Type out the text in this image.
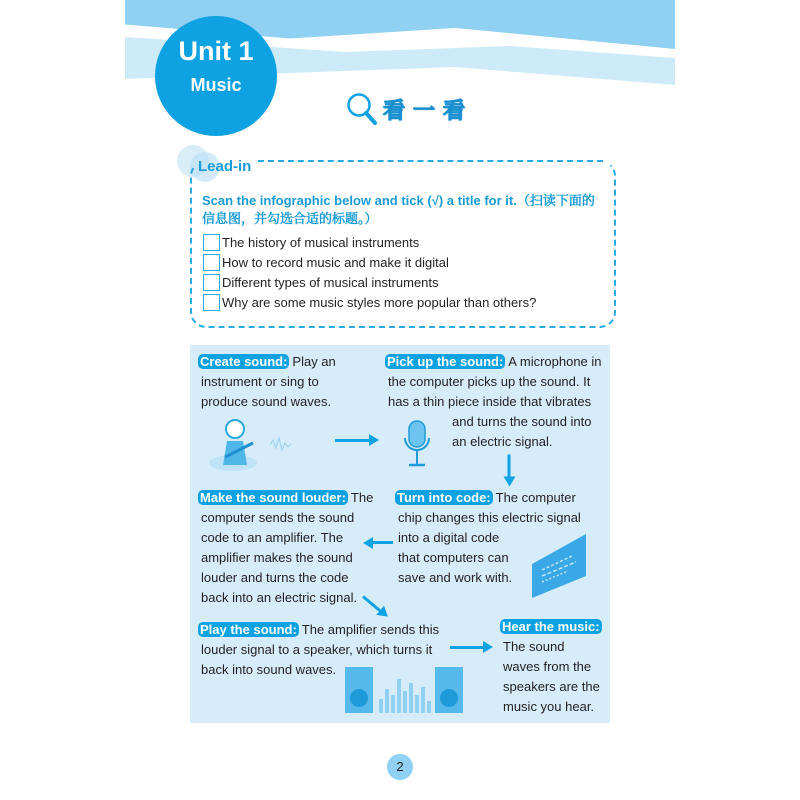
Unit 1
Music
看一看
Lead-in
Scan the infographic below and tick (√) a title for it.（扫读下面的信息图，并勾选合适的标题。）
The history of musical instruments
How to record music and make it digital
Different types of musical instruments
Why are some music styles more popular than others?
Create sound: Play an
instrument or sing to
produce sound waves.
Pick up the sound: A microphone in
the computer picks up the sound. It
has a thin piece inside that vibrates
and turns the sound into
an electric signal.
Make the sound louder: The
computer sends the sound
code to an amplifier. The
amplifier makes the sound
louder and turns the code
back into an electric signal.
Turn into code: The computer
chip changes this electric signal
into a digital code
that computers can
save and work with.
Play the sound: The amplifier sends this
louder signal to a speaker, which turns it
back into sound waves.
Hear the music:
The sound
waves from the
speakers are the
music you hear.
2
